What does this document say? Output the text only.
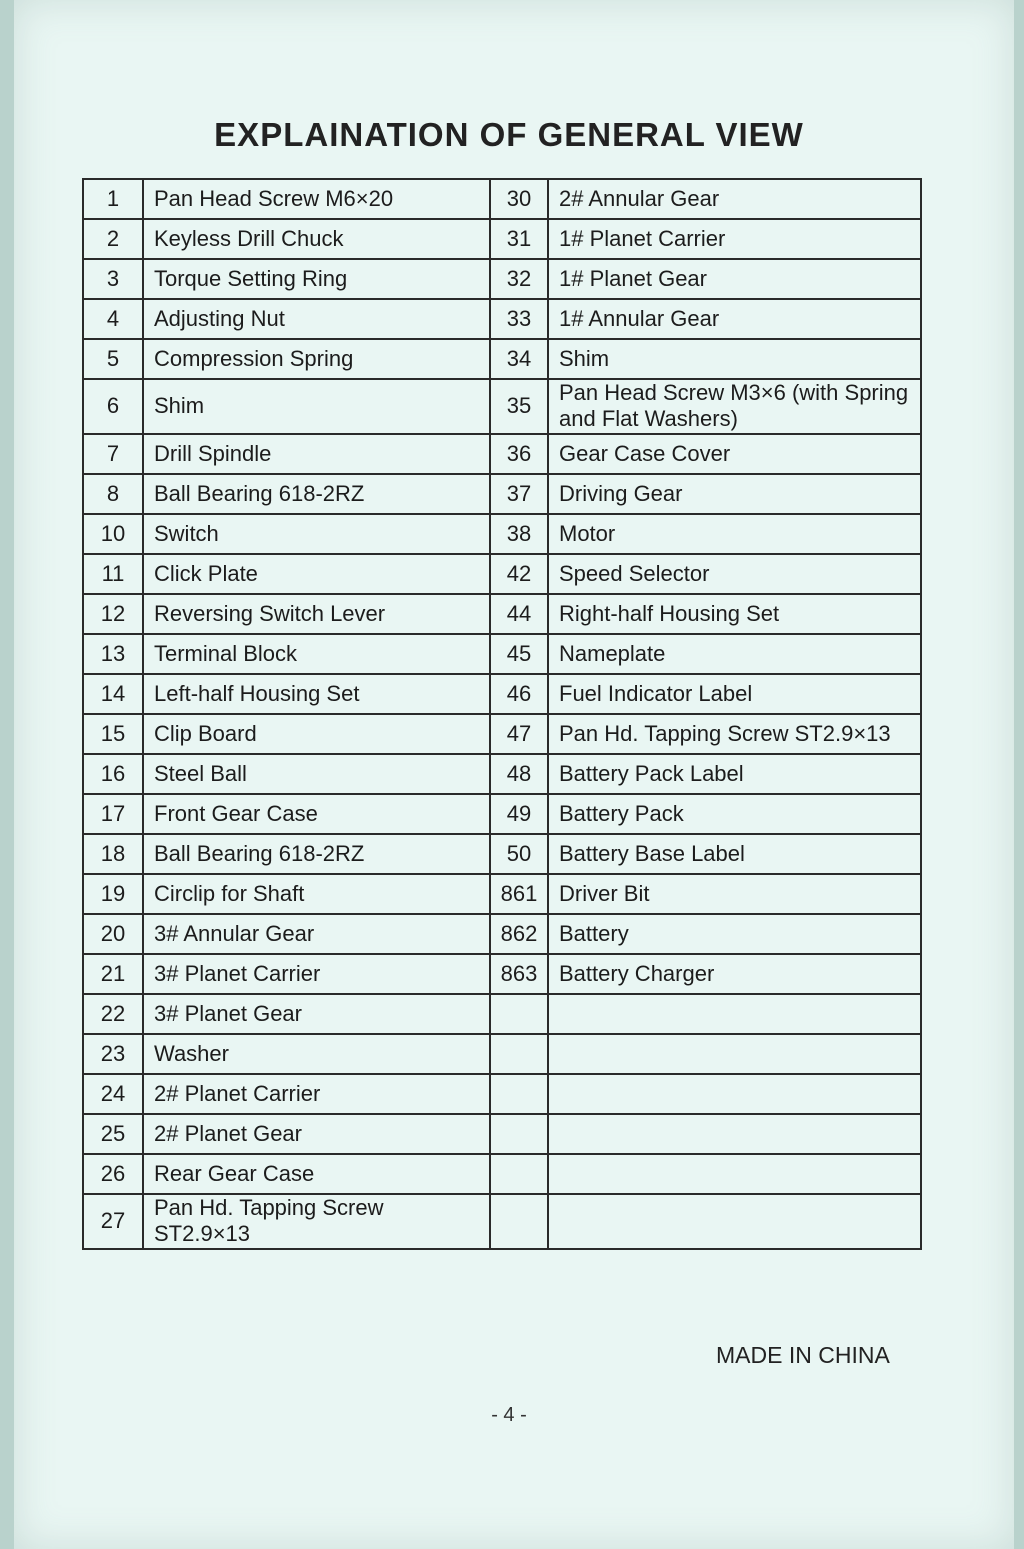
EXPLAINATION OF GENERAL VIEW
1	Pan Head Screw M6×20	30	2# Annular Gear
2	Keyless Drill Chuck	31	1# Planet Carrier
3	Torque Setting Ring	32	1# Planet Gear
4	Adjusting Nut	33	1# Annular Gear
5	Compression Spring	34	Shim
6	Shim	35	Pan Head Screw M3×6 (with Spring and Flat Washers)
7	Drill Spindle	36	Gear Case Cover
8	Ball Bearing 618-2RZ	37	Driving Gear
10	Switch	38	Motor
11	Click Plate	42	Speed Selector
12	Reversing Switch Lever	44	Right-half Housing Set
13	Terminal Block	45	Nameplate
14	Left-half Housing Set	46	Fuel Indicator Label
15	Clip Board	47	Pan Hd. Tapping Screw ST2.9×13
16	Steel Ball	48	Battery Pack Label
17	Front Gear Case	49	Battery Pack
18	Ball Bearing 618-2RZ	50	Battery Base Label
19	Circlip for Shaft	861	Driver Bit
20	3# Annular Gear	862	Battery
21	3# Planet Carrier	863	Battery Charger
22	3# Planet Gear		
23	Washer		
24	2# Planet Carrier		
25	2# Planet Gear		
26	Rear Gear Case		
27	Pan Hd. Tapping Screw ST2.9×13		
MADE IN CHINA
- 4 -
